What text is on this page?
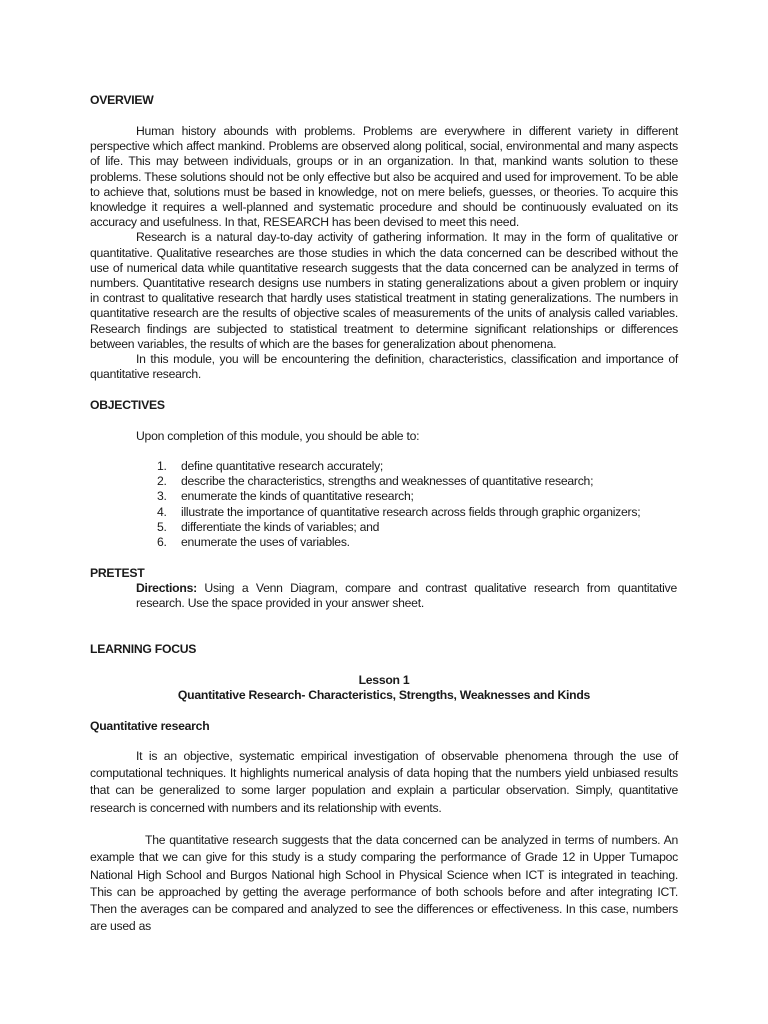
OVERVIEW

Human history abounds with problems. Problems are everywhere in different variety in different perspective which affect mankind. Problems are observed along political, social, environmental and many aspects of life. This may between individuals, groups or in an organization. In that, mankind wants solution to these problems. These solutions should not be only effective but also be acquired and used for improvement. To be able to achieve that, solutions must be based in knowledge, not on mere beliefs, guesses, or theories. To acquire this knowledge it requires a well-planned and systematic procedure and should be continuously evaluated on its accuracy and usefulness. In that, RESEARCH has been devised to meet this need.

Research is a natural day-to-day activity of gathering information. It may in the form of qualitative or quantitative. Qualitative researches are those studies in which the data concerned can be described without the use of numerical data while quantitative research suggests that the data concerned can be analyzed in terms of numbers. Quantitative research designs use numbers in stating generalizations about a given problem or inquiry in contrast to qualitative research that hardly uses statistical treatment in stating generalizations. The numbers in quantitative research are the results of objective scales of measurements of the units of analysis called variables. Research findings are subjected to statistical treatment to determine significant relationships or differences between variables, the results of which are the bases for generalization about phenomena.

In this module, you will be encountering the definition, characteristics, classification and importance of quantitative research.

OBJECTIVES
Upon completion of this module, you should be able to:
1.	define quantitative research accurately;
2.	describe the characteristics, strengths and weaknesses of quantitative research;
3.	enumerate the kinds of quantitative research;
4.	illustrate the importance of quantitative research across fields through graphic organizers;
5.	differentiate the kinds of variables; and
6.	enumerate the uses of variables.
PRETEST

Directions: Using a Venn Diagram, compare and contrast qualitative research from quantitative research. Use the space provided in your answer sheet.

LEARNING FOCUS
Lesson 1
Quantitative Research- Characteristics, Strengths, Weaknesses and Kinds
Quantitative research

It is an objective, systematic empirical investigation of observable phenomena through the use of computational techniques. It highlights numerical analysis of data hoping that the numbers yield unbiased results that can be generalized to some larger population and explain a particular observation. Simply, quantitative research is concerned with numbers and its relationship with events.

The quantitative research suggests that the data concerned can be analyzed in terms of numbers. An example that we can give for this study is a study comparing the performance of Grade 12 in Upper Tumapoc National High School and Burgos National high School in Physical Science when ICT is integrated in teaching. This can be approached by getting the average performance of both schools before and after integrating ICT. Then the averages can be compared and analyzed to see the differences or effectiveness. In this case, numbers are used as
